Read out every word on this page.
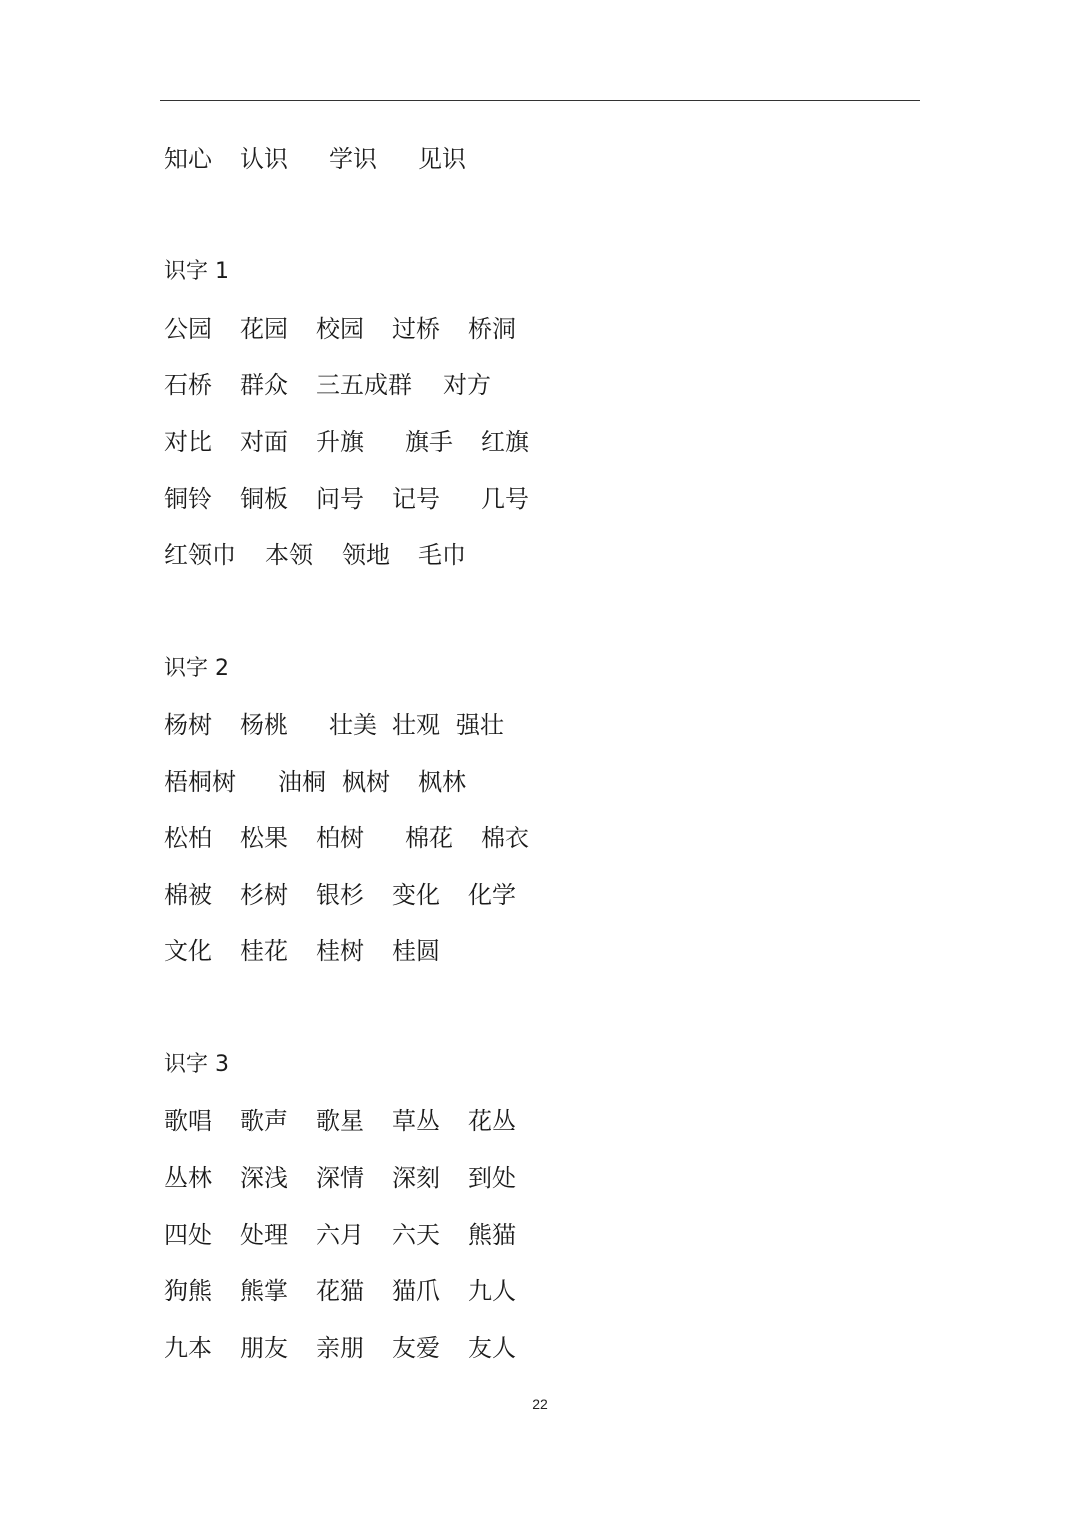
知心 认识 学识 见识
识字 1
公园 花园 校园 过桥 桥洞
石桥 群众 三五成群 对方
对比 对面 升旗 旗手 红旗
铜铃 铜板 问号 记号 几号
红领巾 本领 领地 毛巾
识字 2
杨树 杨桃 壮美 壮观 强壮
梧桐树 油桐 枫树 枫林
松柏 松果 柏树 棉花 棉衣
棉被 杉树 银杉 变化 化学
文化 桂花 桂树 桂圆
识字 3
歌唱 歌声 歌星 草丛 花丛
丛林 深浅 深情 深刻 到处
四处 处理 六月 六天 熊猫
狗熊 熊掌 花猫 猫爪 九人
九本 朋友 亲朋 友爱 友人
22
